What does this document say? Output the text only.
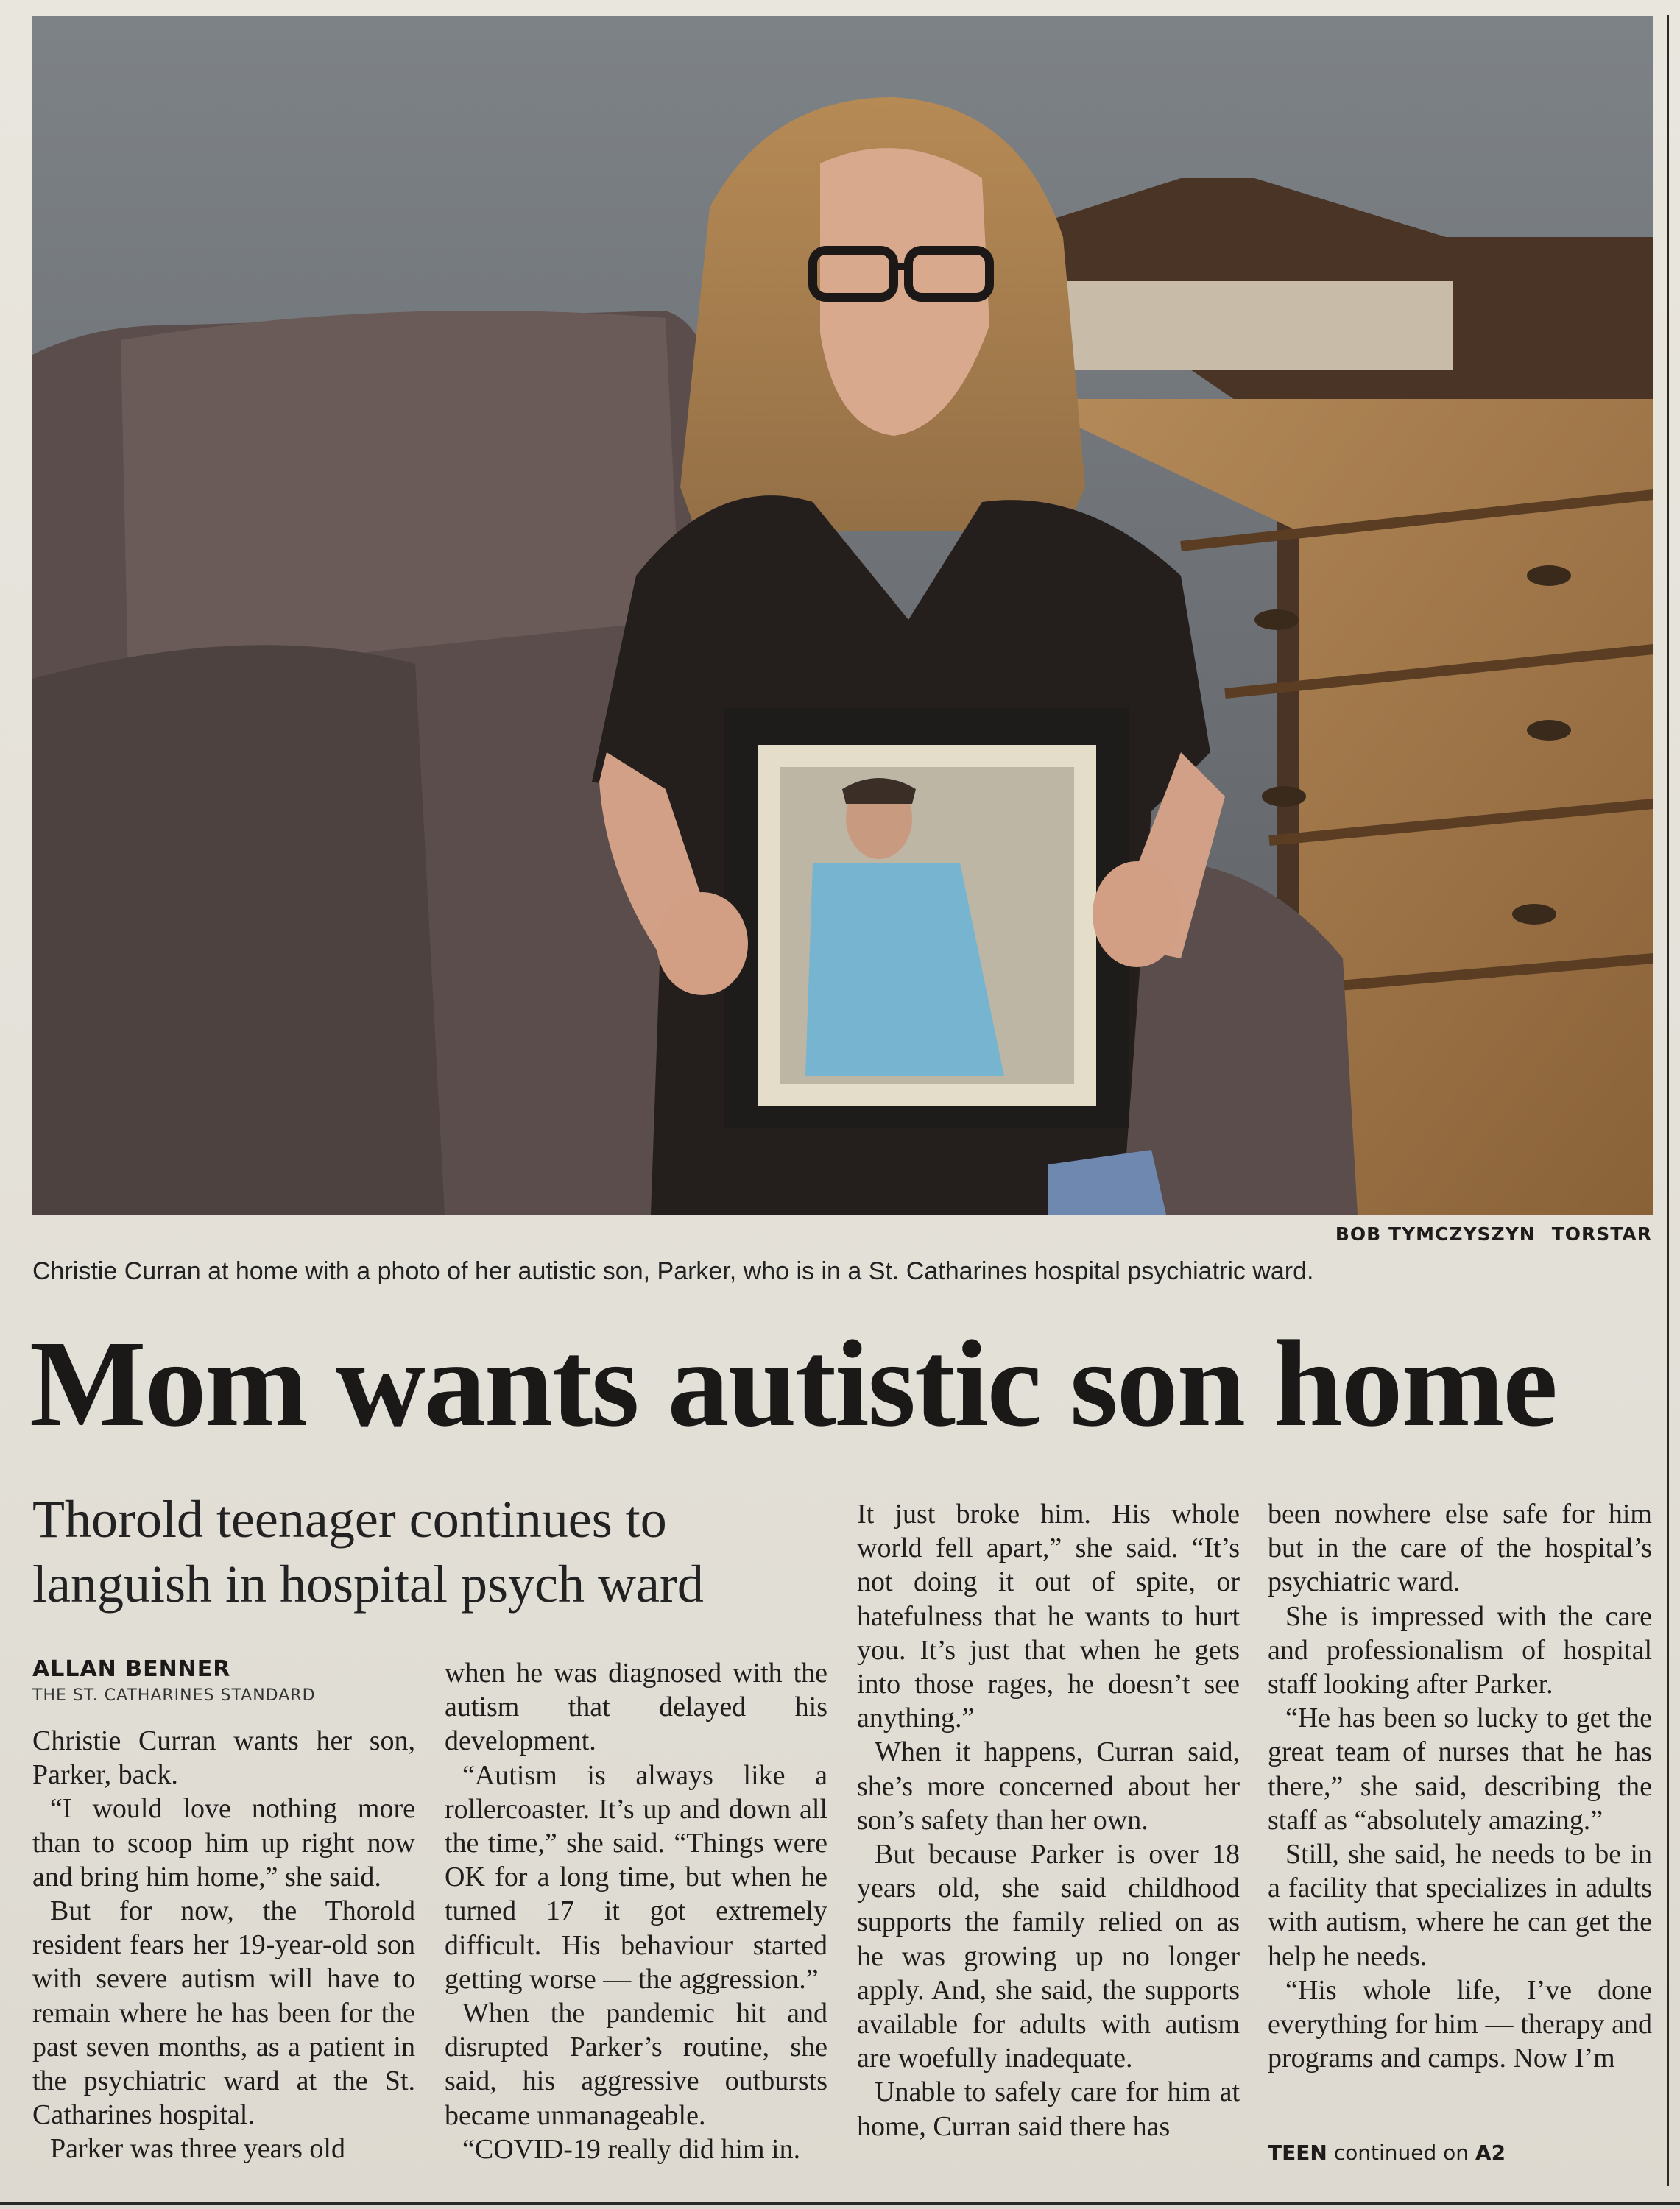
BOB TYMCZYSZYN TORSTAR
Christie Curran at home with a photo of her autistic son, Parker, who is in a St. Catharines hospital psychiatric ward.
Mom wants autistic son home
Thorold teenager continues to languish in hospital psych ward
ALLAN BENNER
THE ST. CATHARINES STANDARD

Christie Curran wants her son, Parker, back.

“I would love nothing more than to scoop him up right now and bring him home,” she said.

But for now, the Thorold resident fears her 19-year-old son with severe autism will have to remain where he has been for the past seven months, as a patient in the psychiatric ward at the St. Catharines hospital.

Parker was three years old

when he was diagnosed with the autism that delayed his development.

“Autism is always like a rollercoaster. It’s up and down all the time,” she said. “Things were OK for a long time, but when he turned 17 it got extremely difficult. His behaviour started getting worse — the aggression.”

When the pandemic hit and disrupted Parker’s routine, she said, his aggressive outbursts became unmanageable.

“COVID-19 really did him in.

It just broke him. His whole world fell apart,” she said. “It’s not doing it out of spite, or hatefulness that he wants to hurt you. It’s just that when he gets into those rages, he doesn’t see anything.”

When it happens, Curran said, she’s more concerned about her son’s safety than her own.

But because Parker is over 18 years old, she said childhood supports the family relied on as he was growing up no longer apply. And, she said, the supports available for adults with autism are woefully inadequate.

Unable to safely care for him at home, Curran said there has

been nowhere else safe for him but in the care of the hospital’s psychiatric ward.

She is impressed with the care and professionalism of hospital staff looking after Parker.

“He has been so lucky to get the great team of nurses that he has there,” she said, describing the staff as “absolutely amazing.”

Still, she said, he needs to be in a facility that specializes in adults with autism, where he can get the help he needs.

“His whole life, I’ve done everything for him — therapy and programs and camps. Now I’m

TEEN continued on A2
